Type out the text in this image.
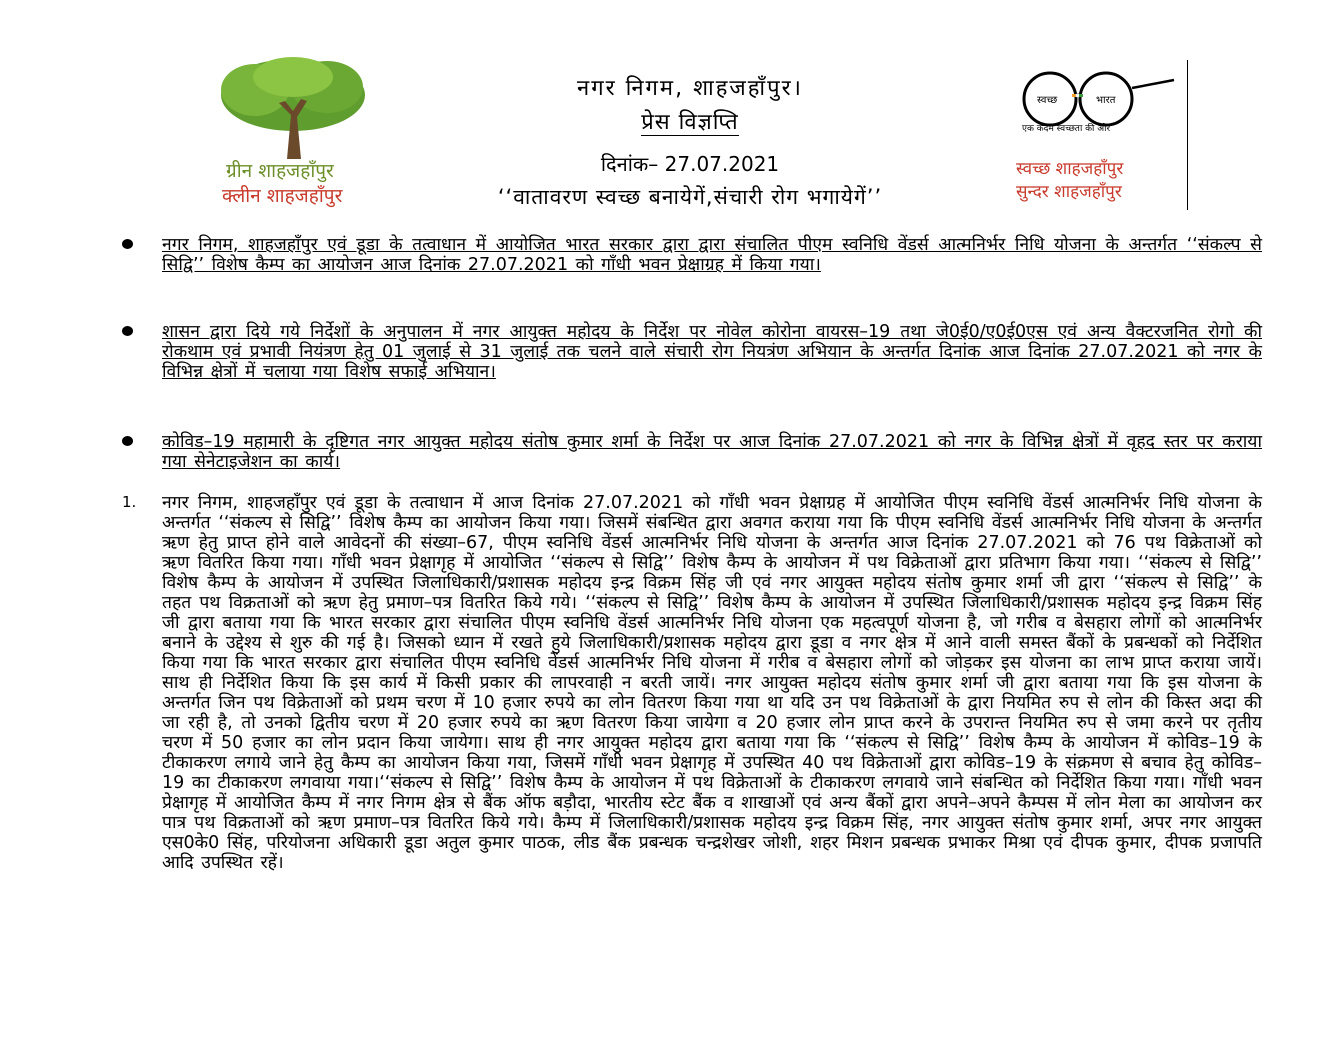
ग्रीन शाहजहाँपुर
क्लीन शाहजहाँपुर
नगर निगम, शाहजहाँपुर।
प्रेस विज्ञप्ति
दिनांक– 27.07.2021
‘‘वातावरण स्वच्छ बनायेगें,संचारी रोग भगायेगें’’
स्वच्छ	भारत
एक कदम स्वच्छता की ओर
स्वच्छ शाहजहाँपुर
सुन्दर शाहजहाँपुर
नगर निगम, शाहजहाँपुर एवं डूडा के तत्वाधान में आयोजित भारत सरकार द्वारा द्वारा संचालित पीएम स्वनिधि वेंडर्स आत्मनिर्भर निधि योजना के अन्तर्गत ‘‘संकल्प से सिद्वि’’ विशेष कैम्प का आयोजन आज दिनांक 27.07.2021 को गाँधी भवन प्रेक्षाग्रह में किया गया।
शासन द्वारा दिये गये निर्देशों के अनुपालन में नगर आयुक्त महोदय के निर्देश पर नोवेल कोरोना वायरस–19 तथा जे0ई0/ए0ई0एस एवं अन्य वैक्टरजनित रोगो की रोकथाम एवं प्रभावी नियंत्रण हेतु 01 जुलाई से 31 जुलाई तक चलने वाले संचारी रोग नियत्रंण अभियान के अन्तर्गत दिनांक आज दिनांक 27.07.2021 को नगर के विभिन्न क्षेत्रों में चलाया गया विशेष सफाई अभियान।
कोविड–19 महामारी के दृष्टिगत नगर आयुक्त महोदय संतोष कुमार शर्मा के निर्देश पर आज दिनांक 27.07.2021 को नगर के विभिन्न क्षेत्रों में वृहद स्तर पर कराया गया सेनेटाइजेशन का कार्य।
1. नगर निगम, शाहजहाँपुर एवं डूडा के तत्वाधान में आज दिनांक 27.07.2021 को गाँधी भवन प्रेक्षाग्रह में आयोजित पीएम स्वनिधि वेंडर्स आत्मनिर्भर निधि योजना के अन्तर्गत ‘‘संकल्प से सिद्वि’’ विशेष कैम्प का आयोजन किया गया। जिसमें संबन्धित द्वारा अवगत कराया गया कि पीएम स्वनिधि वेंडर्स आत्मनिर्भर निधि योजना के अन्तर्गत ऋण हेतु प्राप्त होने वाले आवेदनों की संख्या–67, पीएम स्वनिधि वेंडर्स आत्मनिर्भर निधि योजना के अन्तर्गत आज दिनांक 27.07.2021 को 76 पथ विक्रेताओं को ऋण वितरित किया गया। गाँधी भवन प्रेक्षागृह में आयोजित ‘‘संकल्प से सिद्वि’’ विशेष कैम्प के आयोजन में पथ विक्रेताओं द्वारा प्रतिभाग किया गया। ‘‘संकल्प से सिद्वि’’ विशेष कैम्प के आयोजन में उपस्थित जिलाधिकारी/प्रशासक महोदय इन्द्र विक्रम सिंह जी एवं नगर आयुक्त महोदय संतोष कुमार शर्मा जी द्वारा ‘‘संकल्प से सिद्वि’’ के तहत पथ विक्रताओं को ऋण हेतु प्रमाण–पत्र वितरित किये गये। ‘‘संकल्प से सिद्वि’’ विशेष कैम्प के आयोजन में उपस्थित जिलाधिकारी/प्रशासक महोदय इन्द्र विक्रम सिंह जी द्वारा बताया गया कि भारत सरकार द्वारा संचालित पीएम स्वनिधि वेंडर्स आत्मनिर्भर निधि योजना एक महत्वपूर्ण योजना है, जो गरीब व बेसहारा लोगों को आत्मनिर्भर बनाने के उद्देश्य से शुरु की गई है। जिसको ध्यान में रखते हुये जिलाधिकारी/प्रशासक महोदय द्वारा डूडा व नगर क्षेत्र में आने वाली समस्त बैंकों के प्रबन्धकों को निर्देशित किया गया कि भारत सरकार द्वारा संचालित पीएम स्वनिधि वेंडर्स आत्मनिर्भर निधि योजना में गरीब व बेसहारा लोगों को जोड़कर इस योजना का लाभ प्राप्त कराया जायें। साथ ही निर्देशित किया कि इस कार्य में किसी प्रकार की लापरवाही न बरती जायें। नगर आयुक्त महोदय संतोष कुमार शर्मा जी द्वारा बताया गया कि इस योजना के अन्तर्गत जिन पथ विक्रेताओं को प्रथम चरण में 10 हजार रुपये का लोन वितरण किया गया था यदि उन पथ विक्रेताओं के द्वारा नियमित रुप से लोन की किस्त अदा की जा रही है, तो उनको द्वितीय चरण में 20 हजार रुपये का ऋण वितरण किया जायेगा व 20 हजार लोन प्राप्त करने के उपरान्त नियमित रुप से जमा करने पर तृतीय चरण में 50 हजार का लोन प्रदान किया जायेगा। साथ ही नगर आयुक्त महोदय द्वारा बताया गया कि ‘‘संकल्प से सिद्वि’’ विशेष कैम्प के आयोजन में कोविड–19 के टीकाकरण लगाये जाने हेतु कैम्प का आयोजन किया गया, जिसमें गाँधी भवन प्रेक्षागृह में उपस्थित 40 पथ विक्रेताओं द्वारा कोविड–19 के संक्रमण से बचाव हेतु कोविड–19 का टीकाकरण लगवाया गया।‘‘संकल्प से सिद्वि’’ विशेष कैम्प के आयोजन में पथ विक्रेताओं के टीकाकरण लगवाये जाने संबन्धित को निर्देशित किया गया। गाँधी भवन प्रेक्षागृह में आयोजित कैम्प में नगर निगम क्षेत्र से बैंक ऑफ बड़ौदा, भारतीय स्टेट बैंक व शाखाओं एवं अन्य बैंकों द्वारा अपने–अपने कैम्पस में लोन मेला का आयोजन कर पात्र पथ विक्रताओं को ऋण प्रमाण–पत्र वितरित किये गये। कैम्प में जिलाधिकारी/प्रशासक महोदय इन्द्र विक्रम सिंह, नगर आयुक्त संतोष कुमार शर्मा, अपर नगर आयुक्त एस0के0 सिंह, परियोजना अधिकारी डूडा अतुल कुमार पाठक, लीड बैंक प्रबन्धक चन्द्रशेखर जोशी, शहर मिशन प्रबन्धक प्रभाकर मिश्रा एवं दीपक कुमार, दीपक प्रजापति आदि उपस्थित रहें।
